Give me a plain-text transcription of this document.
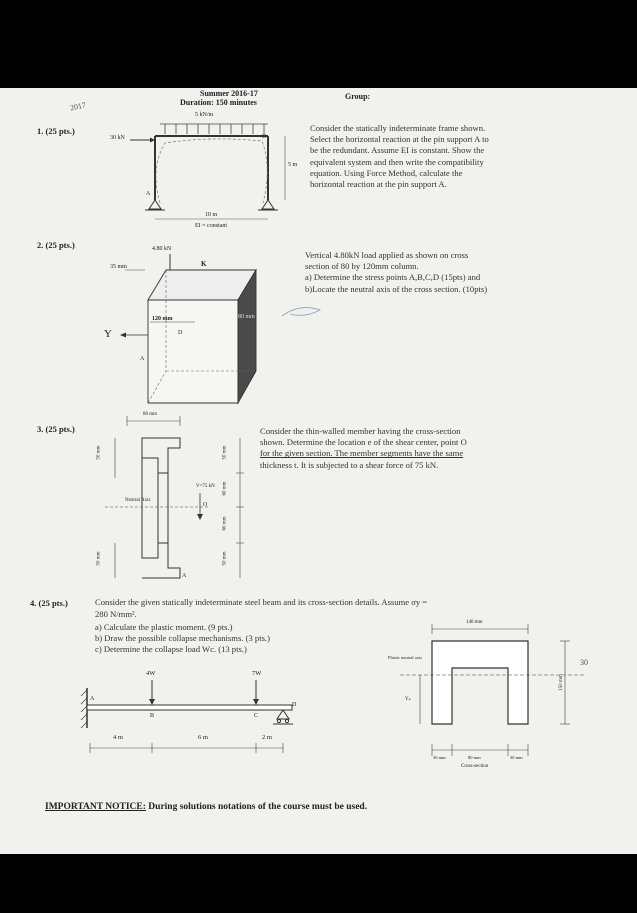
Summer 2016-17
Duration: 150 minutes
Group:
2017
1. (25 pts.)
5 kN/m
30 kN
5 m
10 m
EI = constant
D
A
Consider the statically indeterminate frame shown.
Select the horizontal reaction at the pin support A to
be the redundant. Assume EI is constant. Show the
equivalent system and then write the compatibility
equation. Using Force Method, calculate the
horizontal reaction at the pin support A.
2. (25 pts.)	4.80 kN
35 mm
120 mm	80 mm
Y
K
D
A
Vertical 4.80kN load applied as shown on cross
section of 80 by 120mm column.
a) Determine the stress points A,B,C,D (15pts) and
b)Locate the neutral axis of the cross section. (10pts)
3. (25 pts.)
80 mm
50 mm
50 mm
Neutral Axis
V=75 kN
O
A
50 mm
60 mm
60 mm
50 mm
Consider the thin-walled member having the cross-section
shown. Determine the location e of the shear center, point O
for the given section. The member segments have the same
thickness t. It is subjected to a shear force of 75 kN.
4. (25 pts.)	Consider the given statically indeterminate steel beam and its cross-section details. Assume σy =
280 N/mm².
a) Calculate the plastic moment. (9 pts.)
b) Draw the possible collapse mechanisms. (3 pts.)
c) Determine the collapse load Wc. (13 pts.)
4W	7W
A
B	C
D
4 m	6 m	2 m
140 mm
150 mm
30
Plastic neutral axis
Yₚ
30 mm	80 mm	30 mm
Cross-section
IMPORTANT NOTICE: During solutions notations of the course must be used.
